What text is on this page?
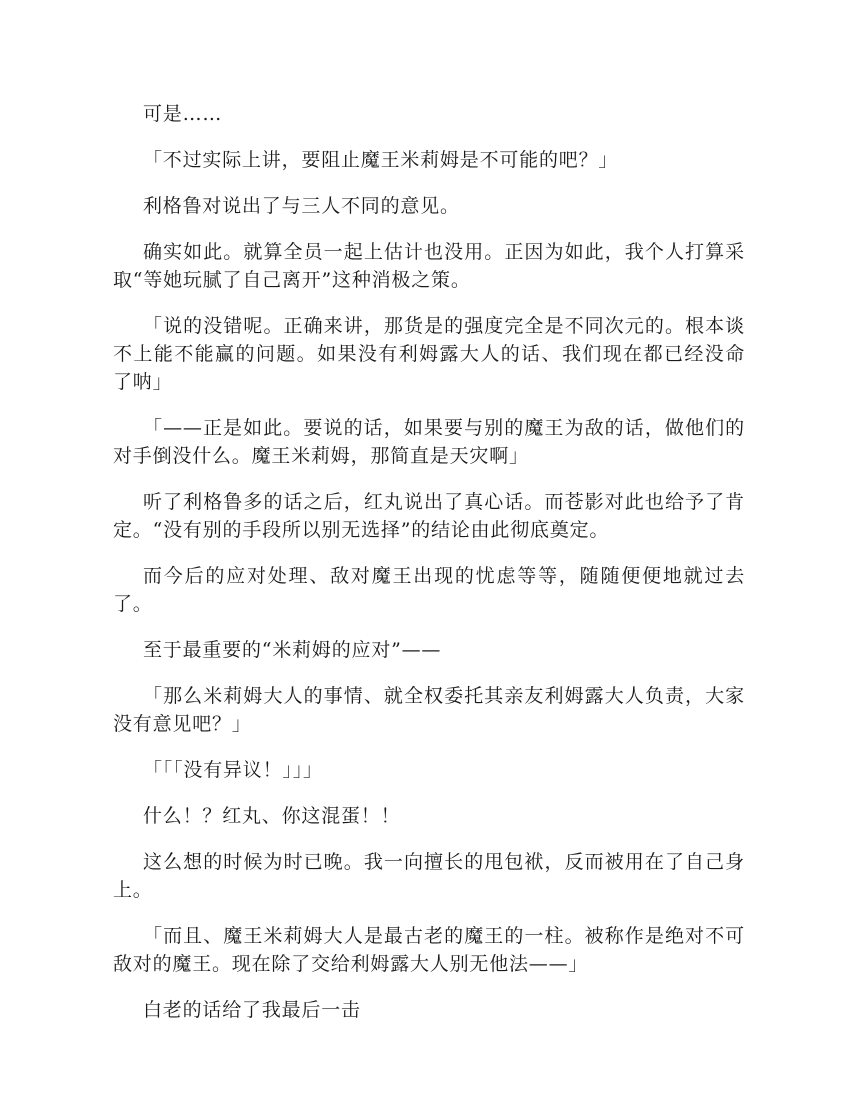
可是……

「不过实际上讲，要阻止魔王米莉姆是不可能的吧？」

利格鲁对说出了与三人不同的意见。

确实如此。就算全员一起上估计也没用。正因为如此，我个人打算采取“等她玩腻了自己离开”这种消极之策。

「说的没错呢。正确来讲，那货是的强度完全是不同次元的。根本谈不上能不能赢的问题。如果没有利姆露大人的话、我们现在都已经没命了呐」

「——正是如此。要说的话，如果要与别的魔王为敌的话，做他们的对手倒没什么。魔王米莉姆，那简直是天灾啊」

听了利格鲁多的话之后，红丸说出了真心话。而苍影对此也给予了肯定。“没有别的手段所以别无选择”的结论由此彻底奠定。

而今后的应对处理、敌对魔王出现的忧虑等等，随随便便地就过去了。

至于最重要的“米莉姆的应对”——

「那么米莉姆大人的事情、就全权委托其亲友利姆露大人负责，大家没有意见吧？」

「「「没有异议！」」」

什么！？红丸、你这混蛋！！

这么想的时候为时已晚。我一向擅长的甩包袱，反而被用在了自己身上。

「而且、魔王米莉姆大人是最古老的魔王的一柱。被称作是绝对不可敌对的魔王。现在除了交给利姆露大人别无他法——」

白老的话给了我最后一击
